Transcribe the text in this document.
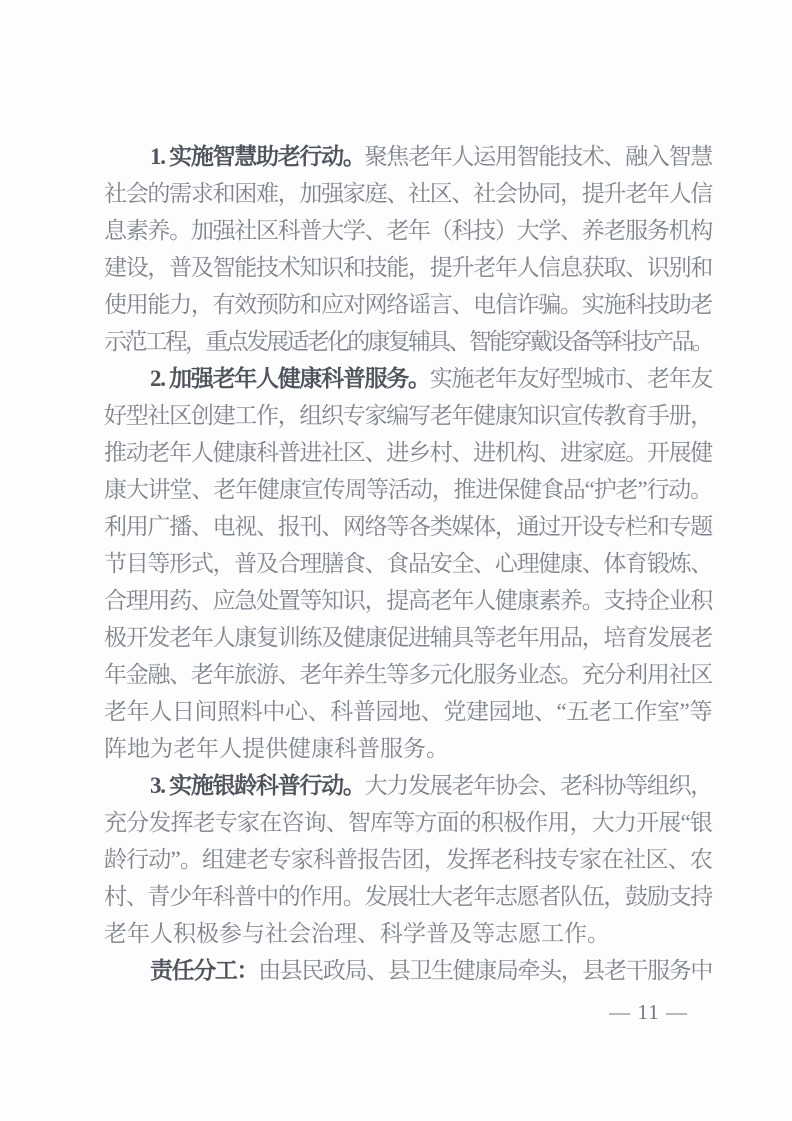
1. 实施智慧助老行动。聚焦老年人运用智能技术、融入智慧
社会的需求和困难，加强家庭、社区、社会协同，提升老年人信
息素养。加强社区科普大学、老年（科技）大学、养老服务机构
建设，普及智能技术知识和技能，提升老年人信息获取、识别和
使用能力，有效预防和应对网络谣言、电信诈骗。实施科技助老
示范工程，重点发展适老化的康复辅具、智能穿戴设备等科技产品。
2. 加强老年人健康科普服务。实施老年友好型城市、老年友
好型社区创建工作，组织专家编写老年健康知识宣传教育手册，
推动老年人健康科普进社区、进乡村、进机构、进家庭。开展健
康大讲堂、老年健康宣传周等活动，推进保健食品“护老”行动。
利用广播、电视、报刊、网络等各类媒体，通过开设专栏和专题
节目等形式，普及合理膳食、食品安全、心理健康、体育锻炼、
合理用药、应急处置等知识，提高老年人健康素养。支持企业积
极开发老年人康复训练及健康促进辅具等老年用品，培育发展老
年金融、老年旅游、老年养生等多元化服务业态。充分利用社区
老年人日间照料中心、科普园地、党建园地、“五老工作室”等
阵地为老年人提供健康科普服务。
3. 实施银龄科普行动。大力发展老年协会、老科协等组织，
充分发挥老专家在咨询、智库等方面的积极作用，大力开展“银
龄行动”。组建老专家科普报告团，发挥老科技专家在社区、农
村、青少年科普中的作用。发展壮大老年志愿者队伍，鼓励支持
老年人积极参与社会治理、科学普及等志愿工作。
责任分工：由县民政局、县卫生健康局牵头，县老干服务中
— 11 —
